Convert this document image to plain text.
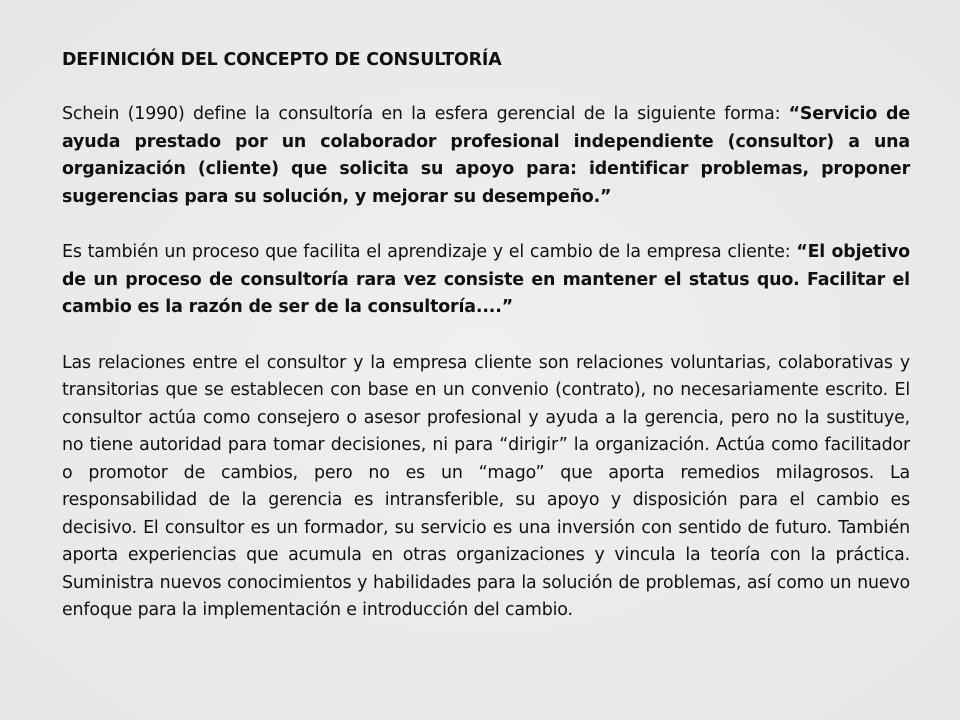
DEFINICIÓN DEL CONCEPTO DE CONSULTORÍA

Schein (1990) define la consultoría en la esfera gerencial de la siguiente forma: “Servicio de ayuda prestado por un colaborador profesional independiente (consultor) a una organización (cliente) que solicita su apoyo para: identificar problemas, proponer sugerencias para su solución, y mejorar su desempeño.”

Es también un proceso que facilita el aprendizaje y el cambio de la empresa cliente: “El objetivo de un proceso de consultoría rara vez consiste en mantener el status quo. Facilitar el cambio es la razón de ser de la consultoría....”

Las relaciones entre el consultor y la empresa cliente son relaciones voluntarias, colaborativas y transitorias que se establecen con base en un convenio (contrato), no necesariamente escrito. El consultor actúa como consejero o asesor profesional y ayuda a la gerencia, pero no la sustituye, no tiene autoridad para tomar decisiones, ni para “dirigir” la organización. Actúa como facilitador o promotor de cambios, pero no es un “mago” que aporta remedios milagrosos. La responsabilidad de la gerencia es intransferible, su apoyo y disposición para el cambio es decisivo. El consultor es un formador, su servicio es una inversión con sentido de futuro. También aporta experiencias que acumula en otras organizaciones y vincula la teoría con la práctica. Suministra nuevos conocimientos y habilidades para la solución de problemas, así como un nuevo enfoque para la implementación e introducción del cambio.
